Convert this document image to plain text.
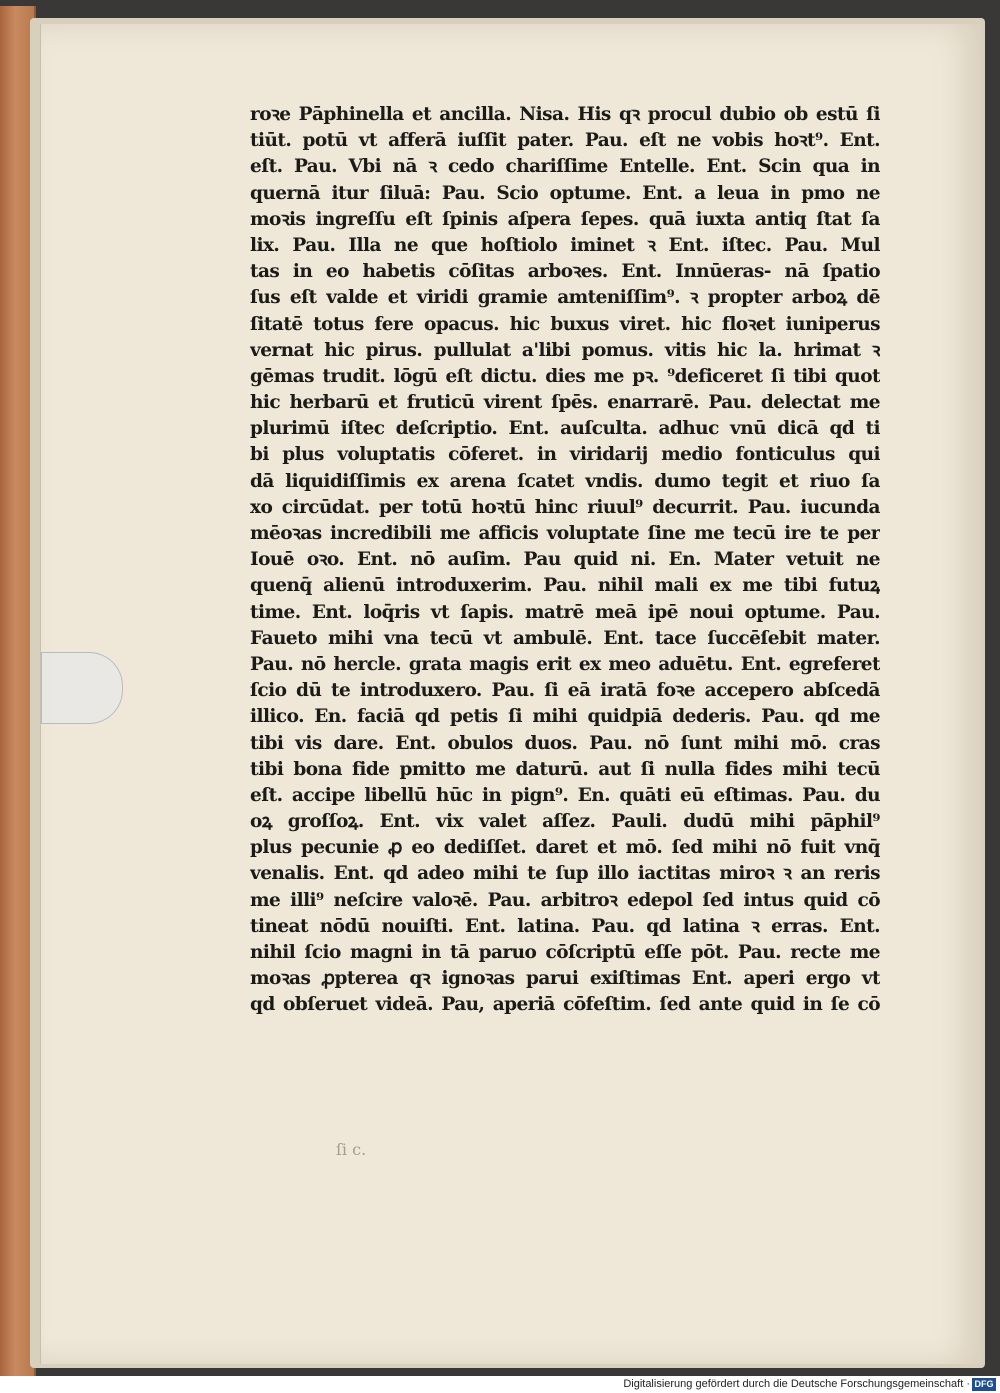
roꝛe Pāphinella et ancilla. Nisa. His qꝛ procul dubio ob estū ſi
tiūt. potū vt afferā iuſſit pater. Pau. eſt ne vobis hoꝛt⁹. Ent.
eſt. Pau. Vbi nā ꝛ cedo chariſſime Entelle. Ent. Scin qua in
quernā itur ſiluā: Pau. Scio optume. Ent. a leua in pmo ne
moꝛis ingreſſu eſt ſpinis aſpera ſepes. quā iuxta antiq ſtat ſa
lix. Pau. Illa ne que hoſtiolo iminet ꝛ Ent. iſtec. Pau. Mul
tas in eo habetis cōſitas arboꝛes. Ent. Innūeras- nā ſpatio
ſus eſt valde et viridi gramie amteniſſim⁹. ꝛ propter arboꝝ dē
ſitatē totus fere opacus. hic buxus viret. hic floꝛet iuniperus
vernat hic pirus. pullulat a'libi pomus. vitis hic la. hrimat ꝛ
gēmas trudit. lōgū eſt dictu. dies me pꝛ. ⁹deficeret ſi tibi quot
hic herbarū et fruticū virent ſpēs. enarrarē. Pau. delectat me
plurimū iſtec deſcriptio. Ent. auſculta. adhuc vnū dicā qd ti
bi plus voluptatis cōferet. in viridarij medio fonticulus qui
dā liquidiſſimis ex arena ſcatet vndis. dumo tegit et riuo ſa
xo circūdat. per totū hoꝛtū hinc riuul⁹ decurrit. Pau. iucunda
mēoꝛas incredibili me afficis voluptate ſine me tecū ire te per
Iouē oꝛo. Ent. nō auſim. Pau quid ni. En. Mater vetuit ne
quenq̄ alienū introduxerim. Pau. nihil mali ex me tibi futuꝝ
time. Ent. loq̄ris vt ſapis. matrē meā ipē noui optume. Pau.
Faueto mihi vna tecū vt ambulē. Ent. tace ſuccēſebit mater.
Pau. nō hercle. grata magis erit ex meo aduētu. Ent. egreferet
ſcio dū te introduxero. Pau. ſi eā iratā foꝛe accepero abſcedā
illico. En. faciā qd petis ſi mihi quidpiā dederis. Pau. qd me
tibi vis dare. Ent. obulos duos. Pau. nō ſunt mihi mō. cras
tibi bona fide pmitto me daturū. aut ſi nulla fides mihi tecū
eſt. accipe libellū hūc in pign⁹. En. quāti eū eſtimas. Pau. du
oꝝ groſſoꝝ. Ent. vix valet aſſez. Pauli. dudū mihi pāphil⁹
plus pecunie ꝓ eo dediſſet. daret et mō. ſed mihi nō fuit vnq̄
venalis. Ent. qd adeo mihi te ſup illo iactitas miroꝛ ꝛ an reris
me illi⁹ neſcire valoꝛē. Pau. arbitroꝛ edepol ſed intus quid cō
tineat nōdū nouiſti. Ent. latina. Pau. qd latina ꝛ erras. Ent.
nihil ſcio magni in tā paruo cōſcriptū eſſe pōt. Pau. recte me
moꝛas ꝓpterea qꝛ ignoꝛas parui exiſtimas Ent. aperi ergo vt
qd obſeruet videā. Pau, aperiā cōfeſtim. ſed ante quid in ſe cō
ſi c.
Digitalisierung gefördert durch die Deutsche Forschungsgemeinschaft · DFG
